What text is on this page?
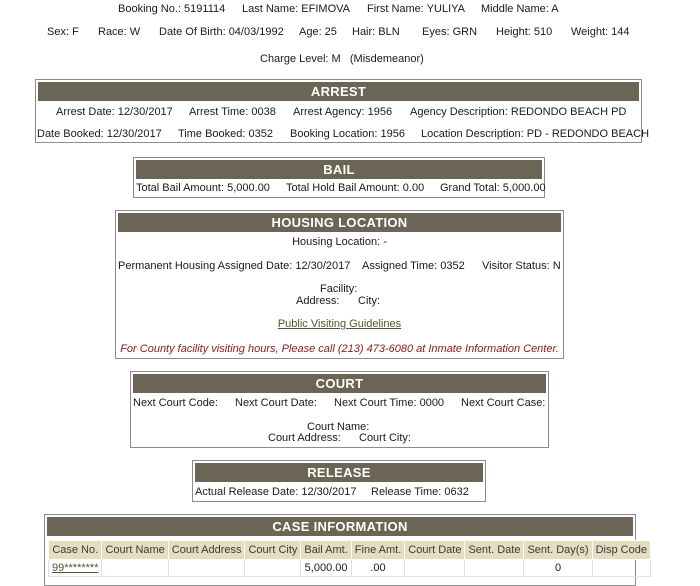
Booking No.: 5191114 Last Name: EFIMOVA First Name: YULIYA Middle Name: A
Sex: F Race: W Date Of Birth: 04/03/1992 Age: 25 Hair: BLN Eyes: GRN Height: 510 Weight: 144
Charge Level: M   (Misdemeanor)
ARREST
Arrest Date: 12/30/2017 Arrest Time: 0038 Arrest Agency: 1956 Agency Description: REDONDO BEACH PD
Date Booked: 12/30/2017 Time Booked: 0352 Booking Location: 1956 Location Description: PD - REDONDO BEACH
BAIL
Total Bail Amount: 5,000.00 Total Hold Bail Amount: 0.00 Grand Total: 5,000.00
HOUSING LOCATION
Housing Location: -
Permanent Housing Assigned Date: 12/30/2017 Assigned Time: 0352 Visitor Status: N
Facility:
Address: City:
Public Visiting Guidelines
For County facility visiting hours, Please call (213) 473-6080 at Inmate Information Center.
COURT
Next Court Code: Next Court Date: Next Court Time: 0000 Next Court Case:
Court Name:
Court Address: Court City:
RELEASE
Actual Release Date: 12/30/2017 Release Time: 0632
CASE INFORMATION
Case No.	Court Name	Court Address	Court City	Bail Amt.	Fine Amt.	Court Date	Sent. Date	Sent. Day(s)	Disp Code
99********				5,000.00	.00			0	
